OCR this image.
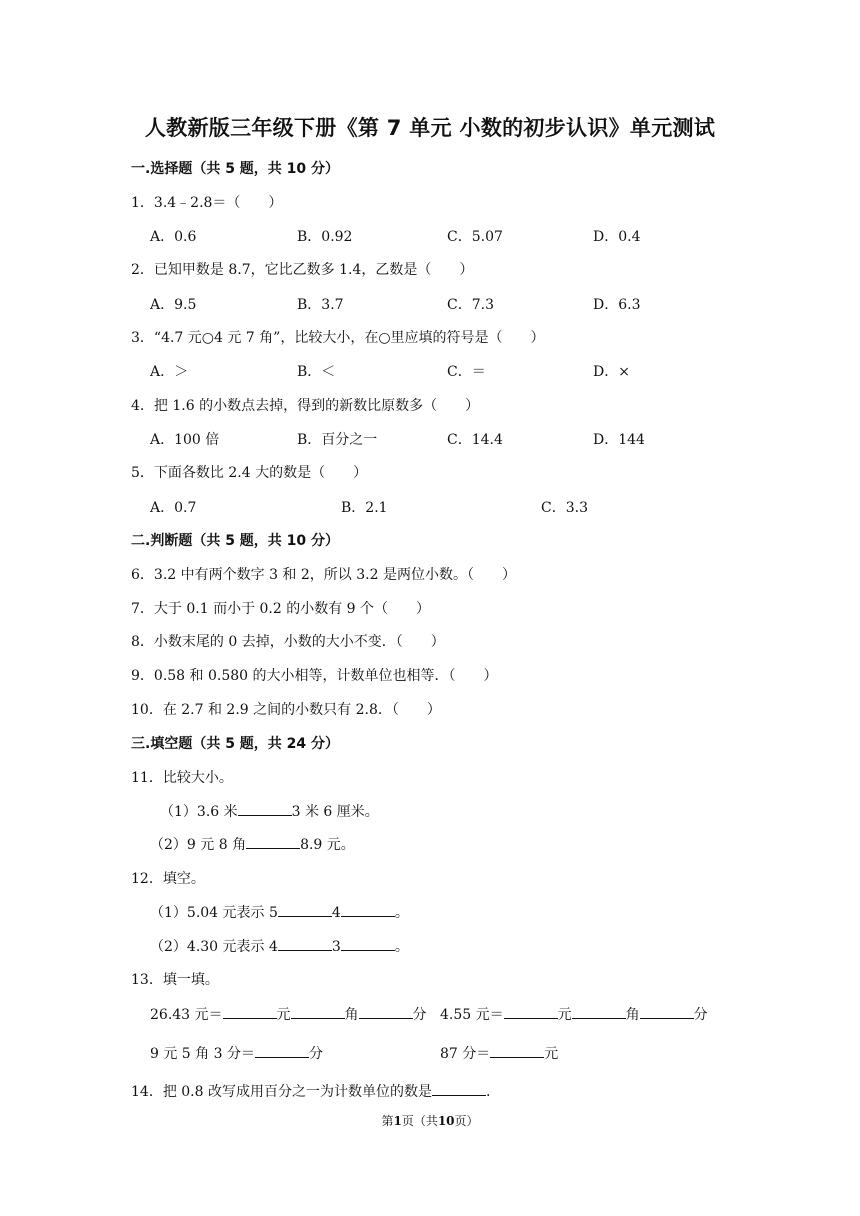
人教新版三年级下册《第 7 单元 小数的初步认识》单元测试
一.选择题（共 5 题，共 10 分）
1．3.4﹣2.8＝（　　）
A．0.6	B．0.92	C．5.07	D．0.4
2．已知甲数是 8.7，它比乙数多 1.4，乙数是（　　）
A．9.5	B．3.7	C．7.3	D．6.3
3．“4.7 元○4 元 7 角”，比较大小，在○里应填的符号是（　　）
A．＞	B．＜	C．＝	D．×
4．把 1.6 的小数点去掉，得到的新数比原数多（　　）
A．100 倍	B．百分之一	C．14.4	D．144
5．下面各数比 2.4 大的数是（　　）
A．0.7	B．2.1	C．3.3
二.判断题（共 5 题，共 10 分）
6．3.2 中有两个数字 3 和 2，所以 3.2 是两位小数。（　　）
7．大于 0.1 而小于 0.2 的小数有 9 个（　　）
8．小数末尾的 0 去掉，小数的大小不变．（　　）
9．0.58 和 0.580 的大小相等，计数单位也相等．（　　）
10．在 2.7 和 2.9 之间的小数只有 2.8．（　　）
三.填空题（共 5 题，共 24 分）
11．比较大小。
（1）3.6 米	3 米 6 厘米。
（2）9 元 8 角	8.9 元。
12．填空。
（1）5.04 元表示 5	4	。
（2）4.30 元表示 4	3	。
13．填一填。
26.43 元＝	元	角	分 4.55 元＝	元	角	分
9 元 5 角 3 分＝	分	87 分＝	元
14．把 0.8 改写成用百分之一为计数单位的数是	.
第1页（共10页）
